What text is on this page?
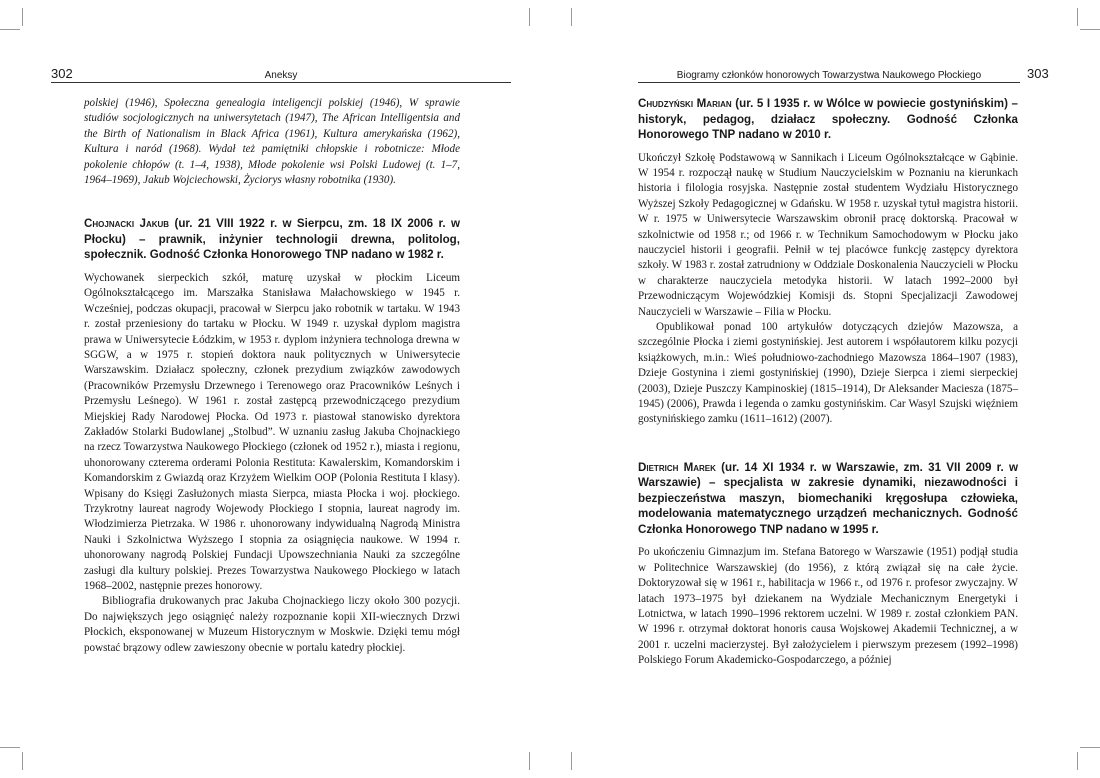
Aneksy
302

polskiej (1946), Społeczna genealogia inteligencji polskiej (1946), W sprawie studiów socjologicznych na uniwersytetach (1947), The African Intelligentsia and the Birth of Nationalism in Black Africa (1961), Kultura amerykańska (1962), Kultura i naród (1968). Wydał też pamiętniki chłopskie i robotnicze: Młode pokolenie chłopów (t. 1–4, 1938), Młode pokolenie wsi Polski Ludowej (t. 1–7, 1964–1969), Jakub Wojciechowski, Życiorys własny robotnika (1930).

Chojnacki Jakub (ur. 21 VIII 1922 r. w Sierpcu, zm. 18 IX 2006 r. w Płocku) – prawnik, inżynier technologii drewna, politolog, społecznik. Godność Członka Honorowego TNP nadano w 1982 r.

Wychowanek sierpeckich szkół, maturę uzyskał w płockim Liceum Ogólnokształcącego im. Marszałka Stanisława Małachowskiego w 1945 r. Wcześniej, podczas okupacji, pracował w Sierpcu jako robotnik w tartaku. W 1943 r. został przeniesiony do tartaku w Płocku. W 1949 r. uzyskał dyplom magistra prawa w Uniwersytecie Łódzkim, w 1953 r. dyplom inżyniera technologa drewna w SGGW, a w 1975 r. stopień doktora nauk politycznych w Uniwersytecie Warszawskim. Działacz społeczny, członek prezydium związków zawodowych (Pracowników Przemysłu Drzewnego i Terenowego oraz Pracowników Leśnych i Przemysłu Leśnego). W 1961 r. został zastępcą przewodniczącego prezydium Miejskiej Rady Narodowej Płocka. Od 1973 r. piastował stanowisko dyrektora Zakładów Stolarki Budowlanej „Stolbud”. W uznaniu zasług Jakuba Chojnackiego na rzecz Towarzystwa Naukowego Płockiego (członek od 1952 r.), miasta i regionu, uhonorowany czterema orderami Polonia Restituta: Kawalerskim, Komandorskim i Komandorskim z Gwiazdą oraz Krzyżem Wielkim OOP (Polonia Restituta I klasy). Wpisany do Księgi Zasłużonych miasta Sierpca, miasta Płocka i woj. płockiego. Trzykrotny laureat nagrody Wojewody Płockiego I stopnia, laureat nagrody im. Włodzimierza Pietrzaka. W 1986 r. uhonorowany indywidualną Nagrodą Ministra Nauki i Szkolnictwa Wyższego I stopnia za osiągnięcia naukowe. W 1994 r. uhonorowany nagrodą Polskiej Fundacji Upowszechniania Nauki za szczególne zasługi dla kultury polskiej. Prezes Towarzystwa Naukowego Płockiego w latach 1968–2002, następnie prezes honorowy.

Bibliografia drukowanych prac Jakuba Chojnackiego liczy około 300 pozycji. Do największych jego osiągnięć należy rozpoznanie kopii XII-wiecznych Drzwi Płockich, eksponowanej w Muzeum Historycznym w Moskwie. Dzięki temu mógł powstać brązowy odlew zawieszony obecnie w portalu katedry płockiej.

Biogramy członków honorowych Towarzystwa Naukowego Płockiego	303
Chudzyński Marian (ur. 5 I 1935 r. w Wólce w powiecie gostynińskim) – historyk, pedagog, działacz społeczny. Godność Członka Honorowego TNP nadano w 2010 r.

Ukończył Szkołę Podstawową w Sannikach i Liceum Ogólnokształcące w Gąbinie. W 1954 r. rozpoczął naukę w Studium Nauczycielskim w Poznaniu na kierunkach historia i filologia rosyjska. Następnie został studentem Wydziału Historycznego Wyższej Szkoły Pedagogicznej w Gdańsku. W 1958 r. uzyskał tytuł magistra historii. W r. 1975 w Uniwersytecie Warszawskim obronił pracę doktorską. Pracował w szkolnictwie od 1958 r.; od 1966 r. w Technikum Samochodowym w Płocku jako nauczyciel historii i geografii. Pełnił w tej placówce funkcję zastępcy dyrektora szkoły. W 1983 r. został zatrudniony w Oddziale Doskonalenia Nauczycieli w Płocku w charakterze nauczyciela metodyka historii. W latach 1992–2000 był Przewodniczącym Wojewódzkiej Komisji ds. Stopni Specjalizacji Zawodowej Nauczycieli w Warszawie – Filia w Płocku.

Opublikował ponad 100 artykułów dotyczących dziejów Mazowsza, a szczególnie Płocka i ziemi gostynińskiej. Jest autorem i współautorem kilku pozycji książkowych, m.in.: Wieś południowo-zachodniego Mazowsza 1864–1907 (1983), Dzieje Gostynina i ziemi gostynińskiej (1990), Dzieje Sierpca i ziemi sierpeckiej (2003), Dzieje Puszczy Kampinoskiej (1815–1914), Dr Aleksander Maciesza (1875–1945) (2006), Prawda i legenda o zamku gostynińskim. Car Wasyl Szujski więźniem gostynińskiego zamku (1611–1612) (2007).

Dietrich Marek (ur. 14 XI 1934 r. w Warszawie, zm. 31 VII 2009 r. w Warszawie) – specjalista w zakresie dynamiki, niezawodności i bezpieczeństwa maszyn, biomechaniki kręgosłupa człowieka, modelowania matematycznego urządzeń mechanicznych. Godność Członka Honorowego TNP nadano w 1995 r.

Po ukończeniu Gimnazjum im. Stefana Batorego w Warszawie (1951) podjął studia w Politechnice Warszawskiej (do 1956), z którą związał się na całe życie. Doktoryzował się w 1961 r., habilitacja w 1966 r., od 1976 r. profesor zwyczajny. W latach 1973–1975 był dziekanem na Wydziale Mechanicznym Energetyki i Lotnictwa, w latach 1990–1996 rektorem uczelni. W 1989 r. został członkiem PAN. W 1996 r. otrzymał doktorat honoris causa Wojskowej Akademii Technicznej, a w 2001 r. uczelni macierzystej. Był założycielem i pierwszym prezesem (1992–1998) Polskiego Forum Akademicko-Gospodarczego, a później
